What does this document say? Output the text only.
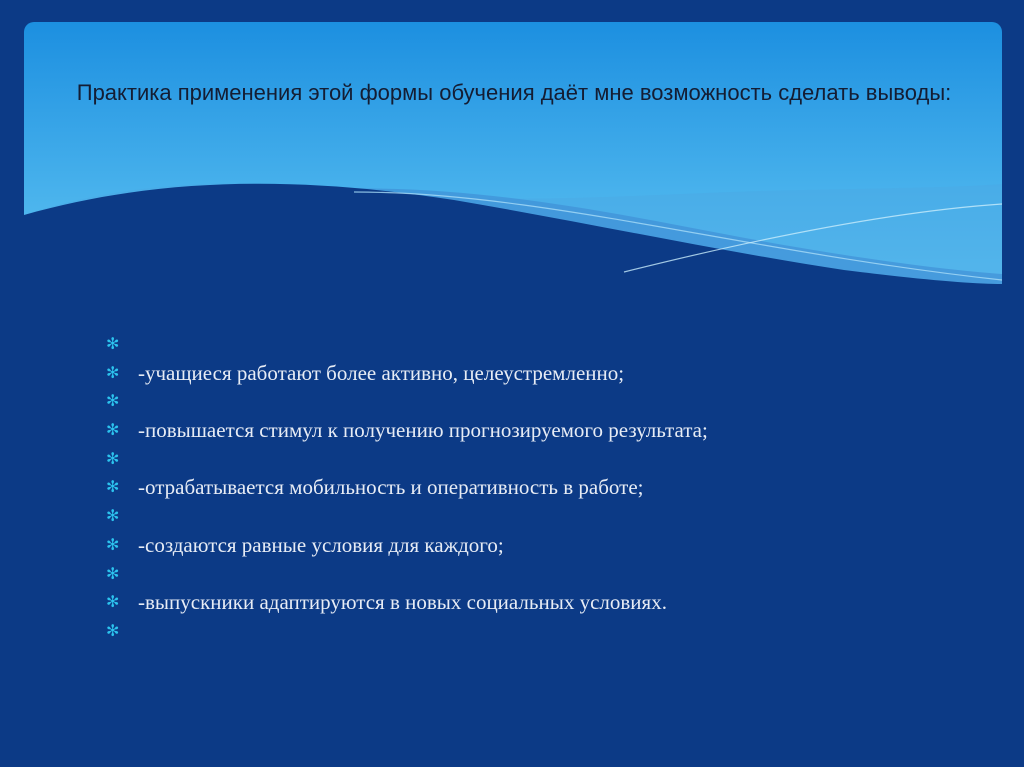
Практика применения этой формы обучения даёт мне возможность сделать выводы:

✻
✻ -учащиеся работают более активно, целеустремленно;
✻
✻ -повышается стимул к получению прогнозируемого результата;
✻
✻ -отрабатывается мобильность и оперативность в работе;
✻
✻ -создаются равные условия для каждого;
✻
✻ -выпускники адаптируются в новых социальных условиях.
✻
